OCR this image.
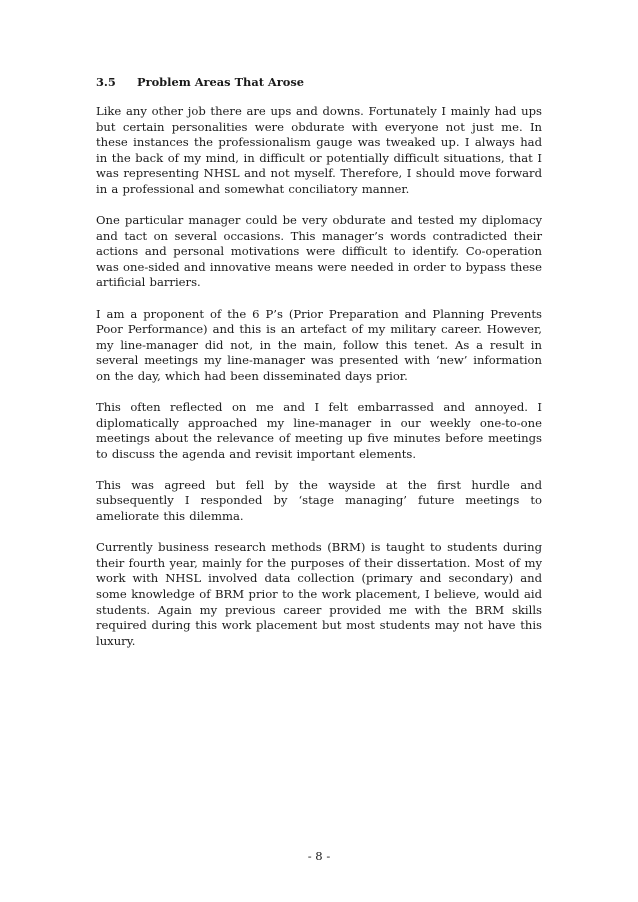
3.5	Problem Areas That Arose

Like any other job there are ups and downs. Fortunately I mainly had ups but certain personalities were obdurate with everyone not just me. In these instances the professionalism gauge was tweaked up. I always had in the back of my mind, in difficult or potentially difficult situations, that I was representing NHSL and not myself. Therefore, I should move forward in a professional and somewhat conciliatory manner.

One particular manager could be very obdurate and tested my diplomacy and tact on several occasions. This manager’s words contradicted their actions and personal motivations were difficult to identify. Co-operation was one-sided and innovative means were needed in order to bypass these artificial barriers.

I am a proponent of the 6 P’s (Prior Preparation and Planning Prevents Poor Performance) and this is an artefact of my military career. However, my line-manager did not, in the main, follow this tenet. As a result in several meetings my line-manager was presented with ‘new’ information on the day, which had been disseminated days prior.

This often reflected on me and I felt embarrassed and annoyed. I diplomatically approached my line-manager in our weekly one-to-one meetings about the relevance of meeting up five minutes before meetings to discuss the agenda and revisit important elements.

This was agreed but fell by the wayside at the first hurdle and subsequently I responded by ‘stage managing’ future meetings to ameliorate this dilemma.

Currently business research methods (BRM) is taught to students during their fourth year, mainly for the purposes of their dissertation. Most of my work with NHSL involved data collection (primary and secondary) and some knowledge of BRM prior to the work placement, I believe, would aid students. Again my previous career provided me with the BRM skills required during this work placement but most students may not have this luxury.

- 8 -
